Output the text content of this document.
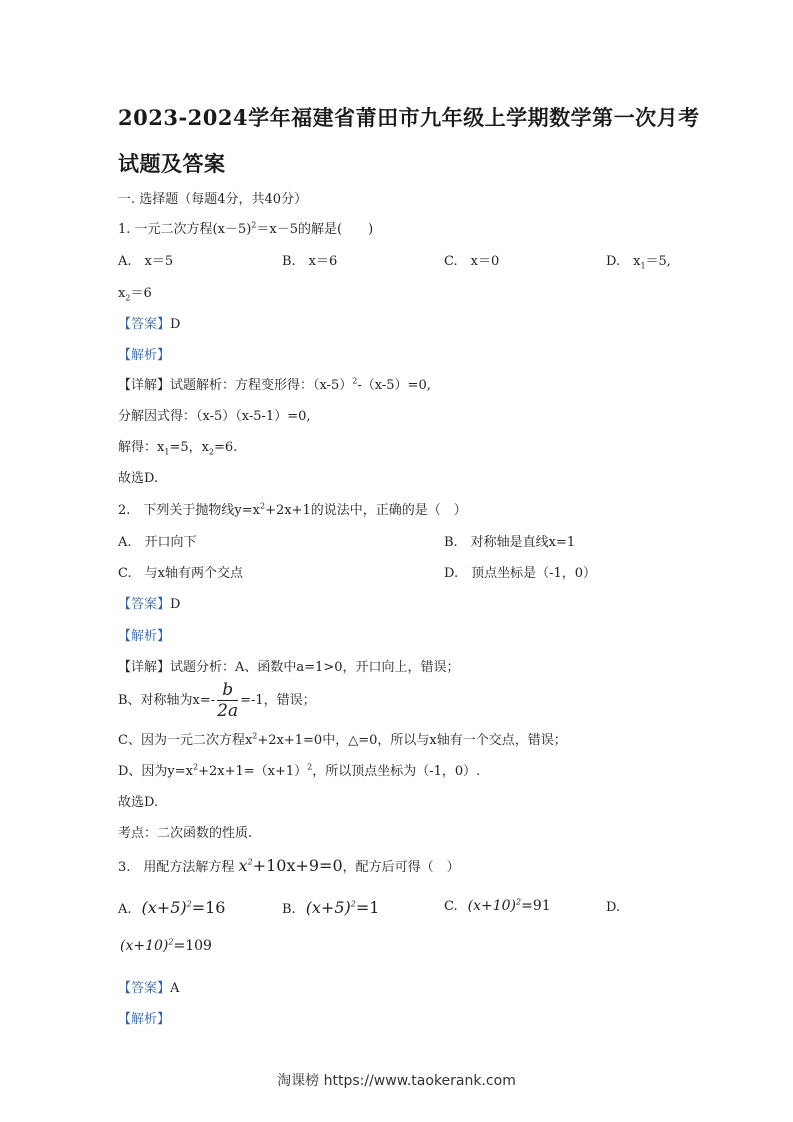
2023-2024学年福建省莆田市九年级上学期数学第一次月考
试题及答案
一. 选择题（每题4分，共40分）
1. 一元二次方程$(x-5)^2=x-5$的解是(　　)
A.　x＝5	B.　x＝6	C.　x＝0	D.　$x_1=5$,
$x_2=6$
【答案】D
【解析】
【详解】试题解析：方程变形得：$(x-5)^2-(x-5)=0$,
分解因式得：（x-5）（x-5-1）=0,
解得：$x_1=5$，$x_2=6$.
故选D.
2.　下列关于抛物线$y=x^2+2x+1$的说法中，正确的是（　）
A.　开口向下	B.　对称轴是直线x=1
C.　与x轴有两个交点	D.　顶点坐标是（-1，0）
【答案】D
【解析】
【详解】试题分析：A、函数中a=1>0，开口向上，错误；
B、对称轴为$x=- \frac{b}{2a} =-1$，错误；
C、因为一元二次方程$x^2+2x+1=0$中，△=0，所以与x轴有一个交点，错误；
D、因为$y=x^2+2x+1=(x+1)^2$，所以顶点坐标为（-1，0）.
故选D.
考点：二次函数的性质.
3.　用配方法解方程 $x^2+10x+9=0$，配方后可得（　）
A. $(x+5)^2=16$	B. $(x+5)^2=1$	C. $(x+10)^2=91$	D.
$(x+10)^2=109$
【答案】A
【解析】
淘课榜 https://www.taokerank.com
